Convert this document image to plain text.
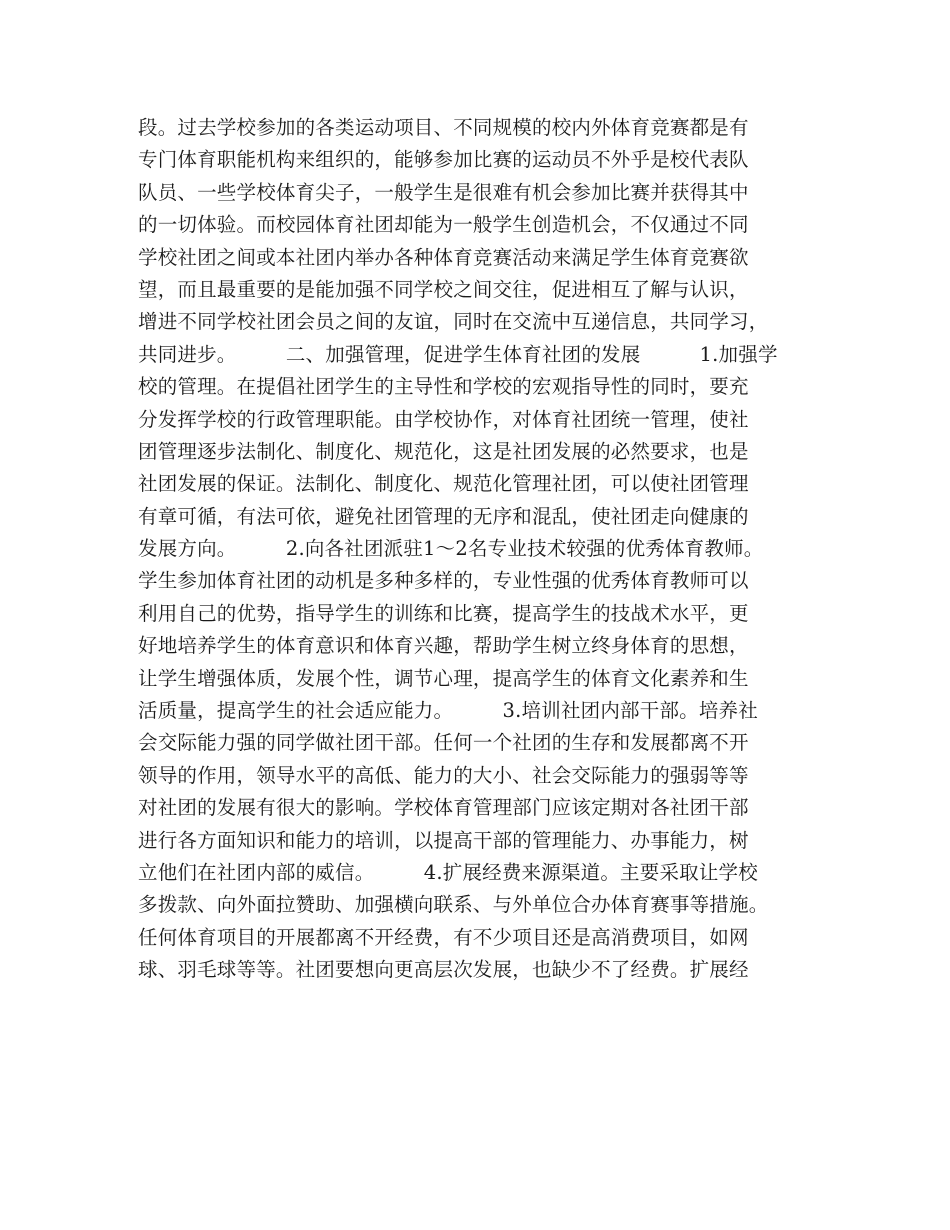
段。过去学校参加的各类运动项目、不同规模的校内外体育竞赛都是有
专门体育职能机构来组织的，能够参加比赛的运动员不外乎是校代表队
队员、一些学校体育尖子，一般学生是很难有机会参加比赛并获得其中
的一切体验。而校园体育社团却能为一般学生创造机会，不仅通过不同
学校社团之间或本社团内举办各种体育竞赛活动来满足学生体育竞赛欲
望，而且最重要的是能加强不同学校之间交往，促进相互了解与认识，
增进不同学校社团会员之间的友谊，同时在交流中互递信息，共同学习，
共同进步。　　　二、加强管理，促进学生体育社团的发展　　　1.加强学
校的管理。在提倡社团学生的主导性和学校的宏观指导性的同时，要充
分发挥学校的行政管理职能。由学校协作，对体育社团统一管理，使社
团管理逐步法制化、制度化、规范化，这是社团发展的必然要求，也是
社团发展的保证。法制化、制度化、规范化管理社团，可以使社团管理
有章可循，有法可依，避免社团管理的无序和混乱，使社团走向健康的
发展方向。　　　2.向各社团派驻1～2名专业技术较强的优秀体育教师。
学生参加体育社团的动机是多种多样的，专业性强的优秀体育教师可以
利用自己的优势，指导学生的训练和比赛，提高学生的技战术水平，更
好地培养学生的体育意识和体育兴趣，帮助学生树立终身体育的思想，
让学生增强体质，发展个性，调节心理，提高学生的体育文化素养和生
活质量，提高学生的社会适应能力。　　　3.培训社团内部干部。培养社
会交际能力强的同学做社团干部。任何一个社团的生存和发展都离不开
领导的作用，领导水平的高低、能力的大小、社会交际能力的强弱等等
对社团的发展有很大的影响。学校体育管理部门应该定期对各社团干部
进行各方面知识和能力的培训，以提高干部的管理能力、办事能力，树
立他们在社团内部的威信。　　　4.扩展经费来源渠道。主要采取让学校
多拨款、向外面拉赞助、加强横向联系、与外单位合办体育赛事等措施。
任何体育项目的开展都离不开经费，有不少项目还是高消费项目，如网
球、羽毛球等等。社团要想向更高层次发展，也缺少不了经费。扩展经
